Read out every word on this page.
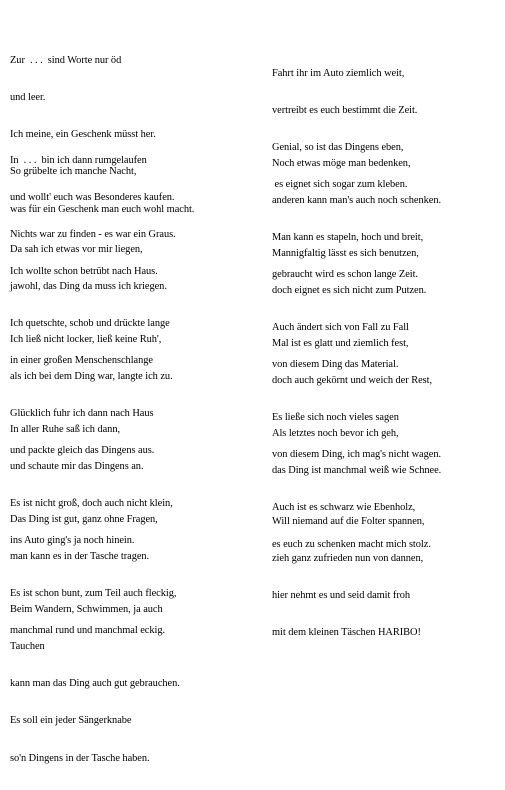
Zur  . . .  sind Worte nur öd

und leer.

Ich meine, ein Geschenk müsst her.

So grübelte ich manche Nacht,

was für ein Geschenk man euch wohl macht.

In  . . .  bin ich dann rumgelaufen

und wollt' euch was Besonderes kaufen.

Nichts war zu finden - es war ein Graus.

Ich wollte schon betrübt nach Haus.

Da sah ich etwas vor mir liegen,

jawohl, das Ding da muss ich kriegen.

Ich quetschte, schob und drückte lange

in einer großen Menschenschlange

Ich ließ nicht locker, ließ keine Ruh',

als ich bei dem Ding war, langte ich zu.

Glücklich fuhr ich dann nach Haus

und packte gleich das Dingens aus.

In aller Ruhe saß ich dann,

und schaute mir das Dingens an.

Es ist nicht groß, doch auch nicht klein,

ins Auto ging's ja noch hinein.

Das Ding ist gut, ganz ohne Fragen,

man kann es in der Tasche tragen.

Es ist schon bunt, zum Teil auch fleckig,

manchmal rund und manchmal eckig.

Beim Wandern, Schwimmen, ja auch

Tauchen

kann man das Ding auch gut gebrauchen.

Es soll ein jeder Sängerknabe

so'n Dingens in der Tasche haben.

Fahrt ihr im Auto ziemlich weit,

vertreibt es euch bestimmt die Zeit.

Genial, so ist das Dingens eben,

es eignet sich sogar zum kleben.

Noch etwas möge man bedenken,

anderen kann man's auch noch schenken.

Man kann es stapeln, hoch und breit,

gebraucht wird es schon lange Zeit.

Mannigfaltig lässt es sich benutzen,

doch eignet es sich nicht zum Putzen.

Auch ändert sich von Fall zu Fall

von diesem Ding das Material.

Mal ist es glatt und ziemlich fest,

doch auch gekörnt und weich der Rest,

Es ließe sich noch vieles sagen

von diesem Ding, ich mag's nicht wagen.

Als letztes noch bevor ich geh,

das Ding ist manchmal weiß wie Schnee.

Auch ist es schwarz wie Ebenholz,

es euch zu schenken macht mich stolz.

Will niemand auf die Folter spannen,

zieh ganz zufrieden nun von dannen,

hier nehmt es und seid damit froh

mit dem kleinen Täschen HARIBO!
